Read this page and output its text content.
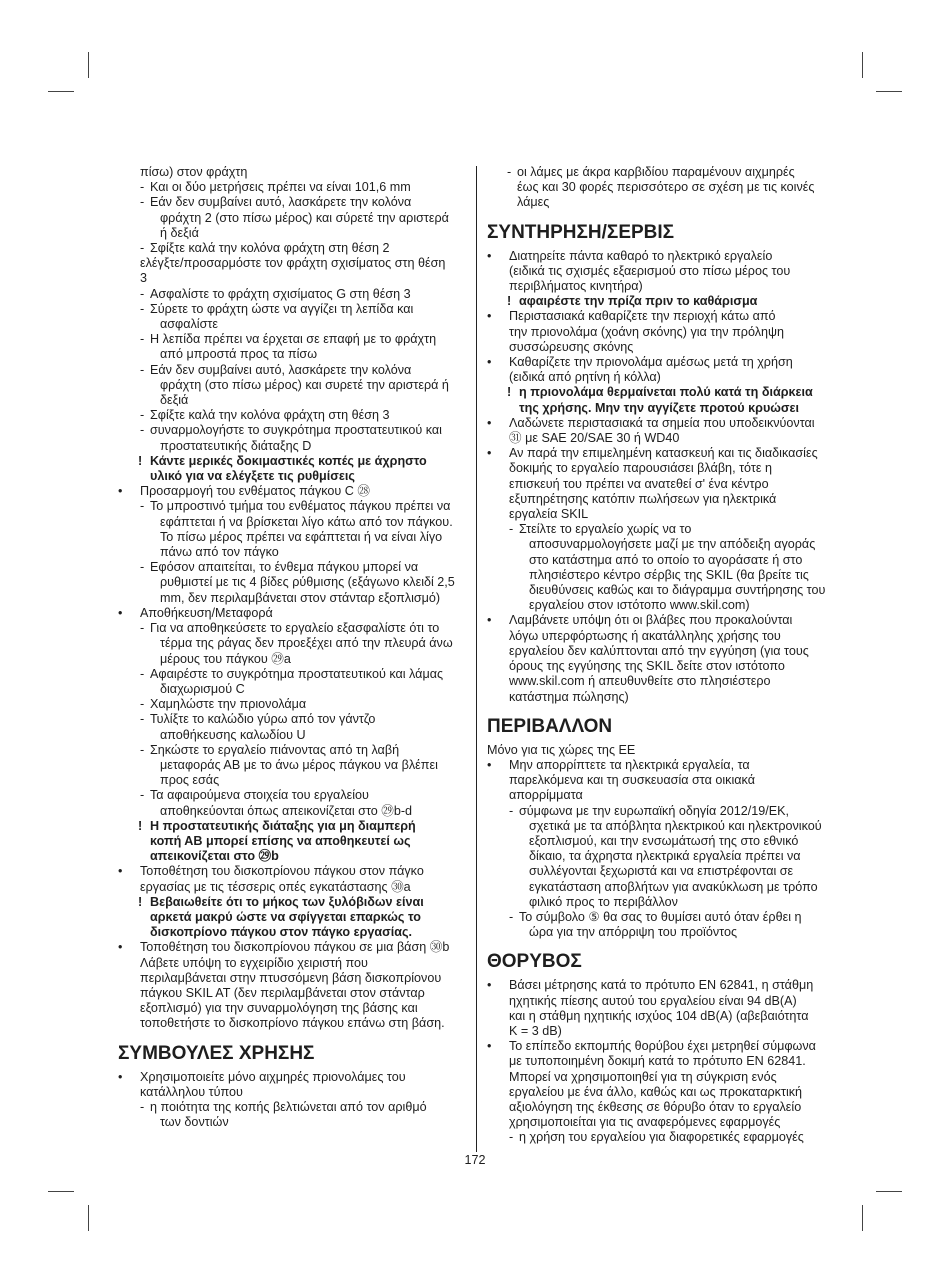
πίσω) στον φράχτη
- Και οι δύο μετρήσεις πρέπει να είναι 101,6 mm
- Εάν δεν συμβαίνει αυτό, λασκάρετε την κολόνα
φράχτη 2 (στο πίσω μέρος) και σύρετέ την αριστερά
ή δεξιά
- Σφίξτε καλά την κολόνα φράχτη στη θέση 2
ελέγξτε/προσαρμόστε τον φράχτη σχισίματος στη θέση
3
- Ασφαλίστε το φράχτη σχισίματος G στη θέση 3
- Σύρετε το φράχτη ώστε να αγγίζει τη λεπίδα και
ασφαλίστε
- Η λεπίδα πρέπει να έρχεται σε επαφή με το φράχτη
από μπροστά προς τα πίσω
- Εάν δεν συμβαίνει αυτό, λασκάρετε την κολόνα
φράχτη (στο πίσω μέρος) και συρετέ την αριστερά ή
δεξιά
- Σφίξτε καλά την κολόνα φράχτη στη θέση 3
- συναρμολογήστε το συγκρότημα προστατευτικού και
προστατευτικής διάταξης D
! Κάντε μερικές δοκιμαστικές κοπές με άχρηστο
υλικό για να ελέγξετε τις ρυθμίσεις
• Προσαρμογή του ενθέματος πάγκου C ㉘
- Το μπροστινό τμήμα του ενθέματος πάγκου πρέπει να
εφάπτεται ή να βρίσκεται λίγο κάτω από τον πάγκου.
Το πίσω μέρος πρέπει να εφάπτεται ή να είναι λίγο
πάνω από τον πάγκο
- Εφόσον απαιτείται, το ένθεμα πάγκου μπορεί να
ρυθμιστεί με τις 4 βίδες ρύθμισης (εξάγωνο κλειδί 2,5
mm, δεν περιλαμβάνεται στον στάνταρ εξοπλισμό)
• Αποθήκευση/Μεταφορά
- Για να αποθηκεύσετε το εργαλείο εξασφαλίστε ότι το
τέρμα της ράγας δεν προεξέχει από την πλευρά άνω
μέρους του πάγκου ㉙a
- Αφαιρέστε το συγκρότημα προστατευτικού και λάμας
διαχωρισμού C
- Χαμηλώστε την πριονολάμα
- Τυλίξτε το καλώδιο γύρω από τον γάντζο
αποθήκευσης καλωδίου U
- Σηκώστε το εργαλείο πιάνοντας από τη λαβή
μεταφοράς ΑΒ με το άνω μέρος πάγκου να βλέπει
προς εσάς
- Τα αφαιρούμενα στοιχεία του εργαλείου
αποθηκεύονται όπως απεικονίζεται στο ㉙b-d
! Η προστατευτικής διάταξης για μη διαμπερή
κοπή ΑΒ μπορεί επίσης να αποθηκευτεί ως
απεικονίζεται στο ㉙b
• Τοποθέτηση του δισκοπρίονου πάγκου στον πάγκο
εργασίας με τις τέσσερις οπές εγκατάστασης ㉚a
! Βεβαιωθείτε ότι το μήκος των ξυλόβιδων είναι
αρκετά μακρύ ώστε να σφίγγεται επαρκώς το
δισκοπρίονο πάγκου στον πάγκο εργασίας.
• Τοποθέτηση του δισκοπρίονου πάγκου σε μια βάση ㉚b
Λάβετε υπόψη το εγχειρίδιο χειριστή που
περιλαμβάνεται στην πτυσσόμενη βάση δισκοπρίονου
πάγκου SKIL AT (δεν περιλαμβάνεται στον στάνταρ
εξοπλισμό) για την συναρμολόγηση της βάσης και
τοποθετήστε το δισκοπρίονο πάγκου επάνω στη βάση.
ΣΥΜΒΟΥΛΕΣ ΧΡΗΣΗΣ
• Χρησιμοποιείτε μόνο αιχμηρές πριονολάμες του
κατάλληλου τύπου
- η ποιότητα της κοπής βελτιώνεται από τον αριθμό
των δοντιών
- οι λάμες με άκρα καρβιδίου παραμένουν αιχμηρές
έως και 30 φορές περισσότερο σε σχέση με τις κοινές
λάμες
ΣΥΝΤΗΡΗΣΗ/ΣΕΡΒΙΣ
• Διατηρείτε πάντα καθαρό το ηλεκτρικό εργαλείο
(ειδικά τις σχισμές εξαερισμού στο πίσω μέρος του
περιβλήματος κινητήρα)
! αφαιρέστε την πρίζα πριν το καθάρισμα
• Περιστασιακά καθαρίζετε την περιοχή κάτω από
την πριονολάμα (χοάνη σκόνης) για την πρόληψη
συσσώρευσης σκόνης
• Καθαρίζετε την πριονολάμα αμέσως μετά τη χρήση
(ειδικά από ρητίνη ή κόλλα)
! η πριονολάμα θερμαίνεται πολύ κατά τη διάρκεια
της χρήσης. Μην την αγγίζετε προτού κρυώσει
• Λαδώνετε περιστασιακά τα σημεία που υποδεικνύονται
㉛ με SAE 20/SAE 30 ή WD40
• Αν παρά την επιμελημένη κατασκευή και τις διαδικασίες
δοκιμής το εργαλείο παρουσιάσει βλάβη, τότε η
επισκευή του πρέπει να ανατεθεί σ' ένα κέντρο
εξυπηρέτησης κατόπιν πωλήσεων για ηλεκτρικά
εργαλεία SKIL
- Στείλτε το εργαλείο χωρίς να το
αποσυναρμολογήσετε μαζί με την απόδειξη αγοράς
στο κατάστημα από το οποίο το αγοράσατε ή στο
πλησιέστερο κέντρο σέρβις της SKIL (θα βρείτε τις
διευθύνσεις καθώς και το διάγραμμα συντήρησης του
εργαλείου στον ιστότοπο www.skil.com)
• Λαμβάνετε υπόψη ότι οι βλάβες που προκαλούνται
λόγω υπερφόρτωσης ή ακατάλληλης χρήσης του
εργαλείου δεν καλύπτονται από την εγγύηση (για τους
όρους της εγγύησης της SKIL δείτε στον ιστότοπο
www.skil.com ή απευθυνθείτε στο πλησιέστερο
κατάστημα πώλησης)
ΠΕΡΙΒΑΛΛΟΝ
Μόνο για τις χώρες της ΕΕ
• Μην απορρίπτετε τα ηλεκτρικά εργαλεία, τα
παρελκόμενα και τη συσκευασία στα οικιακά
απορρίμματα
- σύμφωνα με την ευρωπαϊκή οδηγία 2012/19/ΕΚ,
σχετικά με τα απόβλητα ηλεκτρικού και ηλεκτρονικού
εξοπλισμού, και την ενσωμάτωσή της στο εθνικό
δίκαιο, τα άχρηστα ηλεκτρικά εργαλεία πρέπει να
συλλέγονται ξεχωριστά και να επιστρέφονται σε
εγκατάσταση αποβλήτων για ανακύκλωση με τρόπο
φιλικό προς το περιβάλλον
- Το σύμβολο ⑤ θα σας το θυμίσει αυτό όταν έρθει η
ώρα για την απόρριψη του προϊόντος
ΘΟΡΥΒΟΣ
• Βάσει μέτρησης κατά το πρότυπο EN 62841, η στάθμη
ηχητικής πίεσης αυτού του εργαλείου είναι 94 dB(A)
και η στάθμη ηχητικής ισχύος 104 dB(A) (αβεβαιότητα
K = 3 dB)
• Το επίπεδο εκπομπής θορύβου έχει μετρηθεί σύμφωνα
με τυποποιημένη δοκιμή κατά το πρότυπο EN 62841.
Μπορεί να χρησιμοποιηθεί για τη σύγκριση ενός
εργαλείου με ένα άλλο, καθώς και ως προκαταρκτική
αξιολόγηση της έκθεσης σε θόρυβο όταν το εργαλείο
χρησιμοποιείται για τις αναφερόμενες εφαρμογές
- η χρήση του εργαλείου για διαφορετικές εφαρμογές
172
